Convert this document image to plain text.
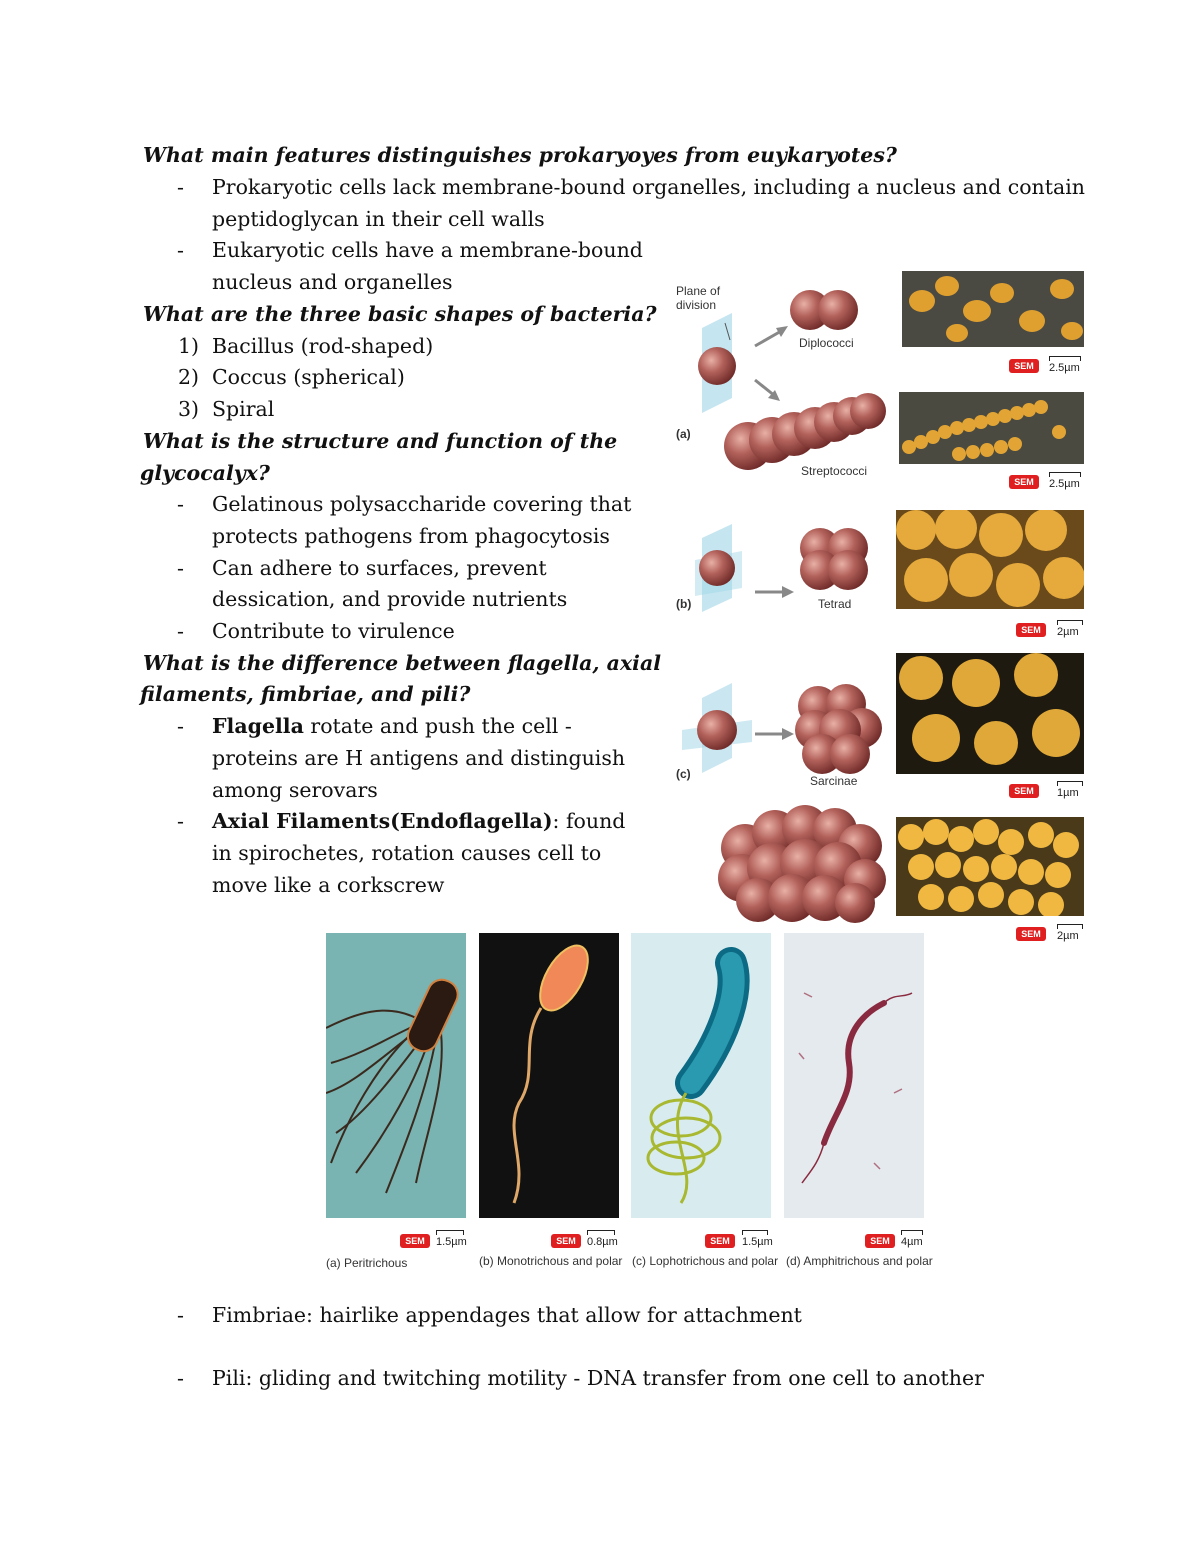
What main features distinguishes prokaryoyes from euykaryotes?
- Prokaryotic cells lack membrane-bound organelles, including a nucleus and contain
peptidoglycan in their cell walls
- Eukaryotic cells have a membrane-bound
nucleus and organelles
What are the three basic shapes of bacteria?
1) Bacillus (rod-shaped)
2) Coccus (spherical)
3) Spiral
What is the structure and function of the
glycocalyx?
- Gelatinous polysaccharide covering that
protects pathogens from phagocytosis
- Can adhere to surfaces, prevent
dessication, and provide nutrients
- Contribute to virulence
What is the difference between flagella, axial
filaments, fimbriae, and pili?
- Flagella rotate and push the cell -
proteins are H antigens and distinguish
among serovars
- Axial Filaments(Endoflagella): found
in spirochetes, rotation causes cell to
move like a corkscrew
Plane of division
Diplococci
Streptococci
Tetrad
Sarcinae
(a)
(b)
(c)
SEM	2.5µm
SEM	2.5µm
SEM	2µm
SEM	1µm
SEM	2µm
SEM	1.5µm	SEM	0.8µm	SEM	1.5µm	SEM	4µm
(a) Peritrichous	(b) Monotrichous and polar (c) Lophotrichous and polar (d) Amphitrichous and polar
- Fimbriae: hairlike appendages that allow for attachment
- Pili: gliding and twitching motility - DNA transfer from one cell to another
